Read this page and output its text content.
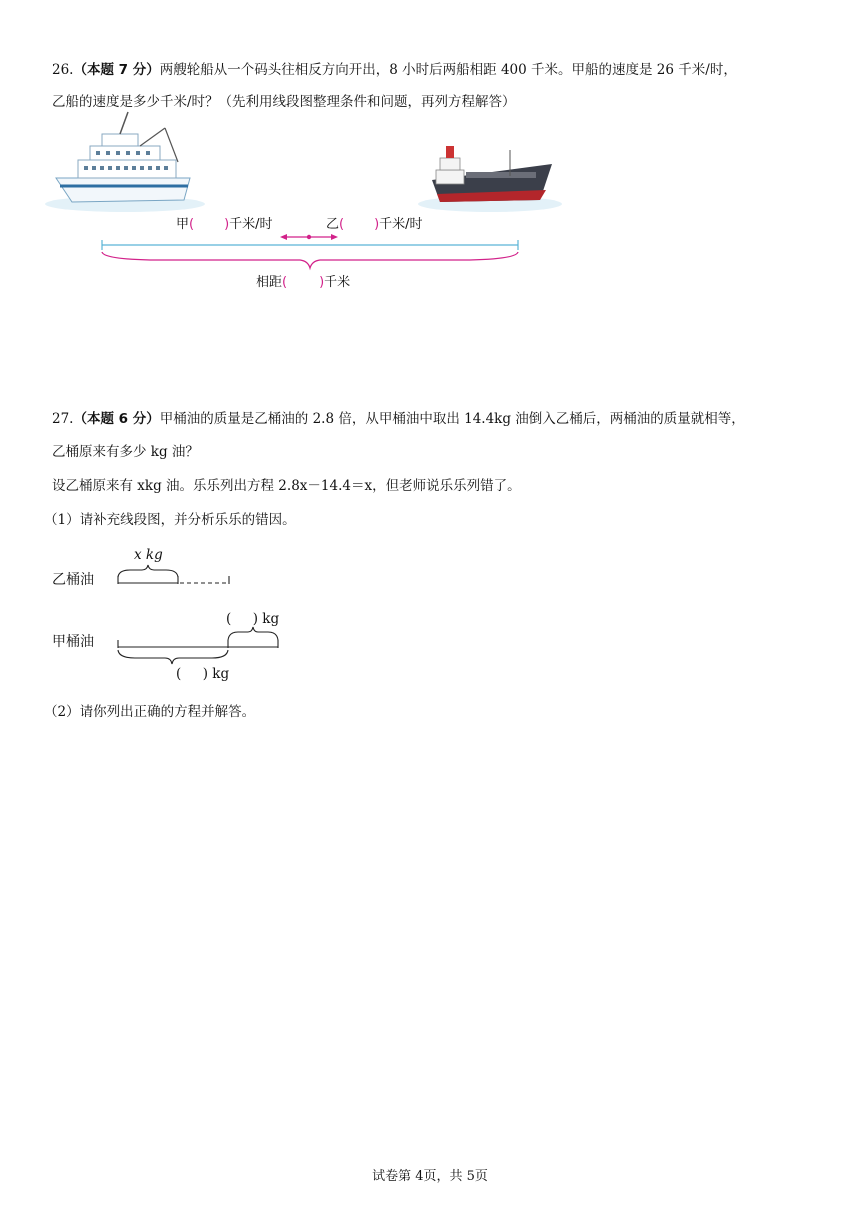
26.（本题 7 分）两艘轮船从一个码头往相反方向开出，8 小时后两船相距 400 千米。甲船的速度是 26 千米/时，
乙船的速度是多少千米/时？（先利用线段图整理条件和问题，再列方程解答）
甲( )千米/时	乙( )千米/时
相距( )千米
27.（本题 6 分）甲桶油的质量是乙桶油的 2.8 倍，从甲桶油中取出 14.4kg 油倒入乙桶后，两桶油的质量就相等，
乙桶原来有多少 kg 油？
设乙桶原来有 xkg 油。乐乐列出方程 2.8x－14.4＝x，但老师说乐乐列错了。
（1）请补充线段图，并分析乐乐的错因。
乙桶油
甲桶油
x kg
(     ) kg
(     ) kg
（2）请你列出正确的方程并解答。
试卷第 4页，共 5页
